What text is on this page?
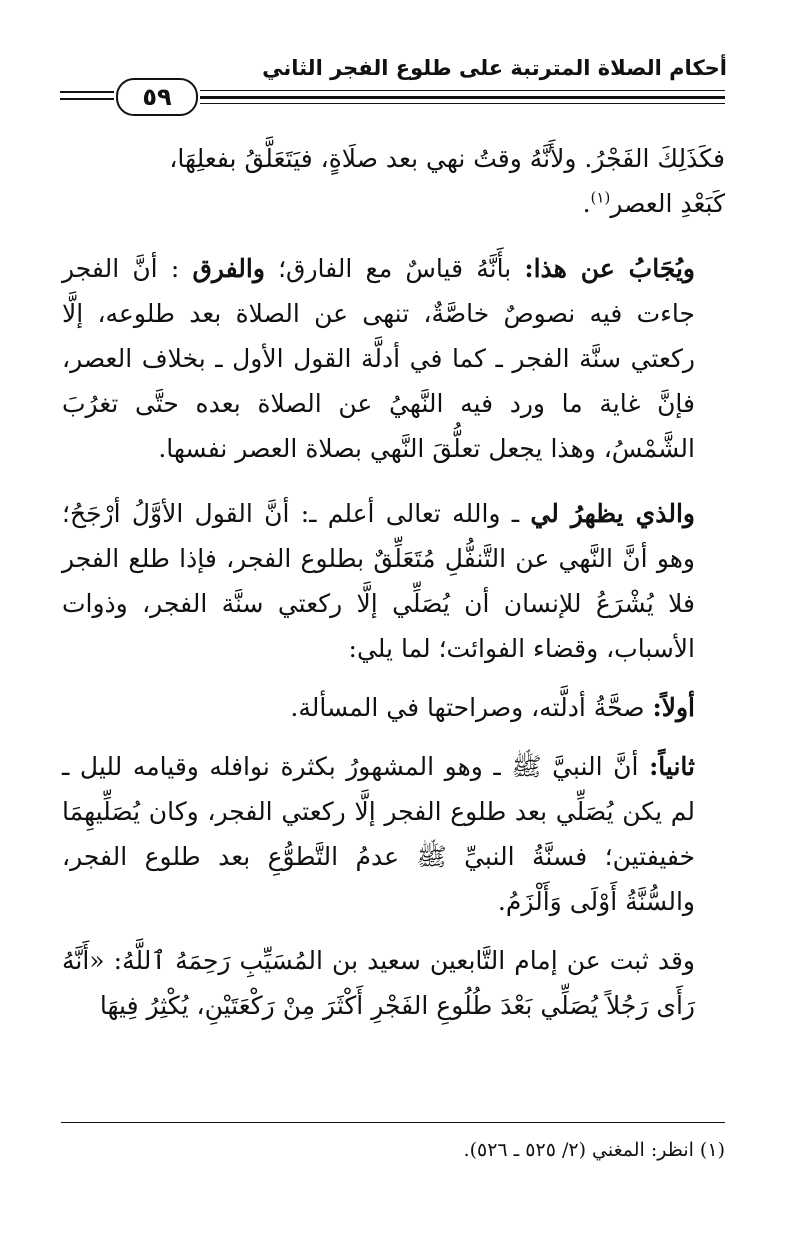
أحكام الصلاة المترتبة على طلوع الفجر الثاني
٥٩

فكَذَلِكَ الفَجْرُ. ولأَنَّهُ وقتُ نهي بعد صلَاةٍ، فيَتَعَلَّقُ بفعلِهَا،
كَبَعْدِ العصر$^{(١)}$.

ويُجَابُ عن هذا: بأَنَّهُ قياسٌ مع الفارق؛ والفرق : أنَّ الفجر جاءت فيه نصوصٌ خاصَّةٌ، تنهى عن الصلاة بعد طلوعه، إلَّا ركعتي سنَّة الفجر ـ كما في أدلَّة القول الأول ـ بخلاف العصر، فإنَّ غاية ما ورد فيه النَّهيُ عن الصلاة بعده حتَّى تغرُبَ الشَّمْسُ، وهذا يجعل تعلُّقَ النَّهي بصلاة العصر نفسها.

والذي يظهرُ لي ـ والله تعالى أعلم ـ: أنَّ القول الأوَّلُ أرْجَحُ؛ وهو أنَّ النَّهي عن التَّنفُّلِ مُتَعَلِّقٌ بطلوع الفجر، فإذا طلع الفجر فلا يُشْرَعُ للإنسان أن يُصَلِّي إلَّا ركعتي سنَّة الفجر، وذوات الأسباب، وقضاء الفوائت؛ لما يلي:

أولاً: صحَّةُ أدلَّته، وصراحتها في المسألة.

ثانياً: أنَّ النبيَّ ﷺ ـ وهو المشهورُ بكثرة نوافله وقيامه لليل ـ لم يكن يُصَلِّي بعد طلوع الفجر إلَّا ركعتي الفجر، وكان يُصَلِّيهِمَا خفيفتين؛ فسنَّةُ النبيِّ ﷺ عدمُ التَّطوُّعِ بعد طلوع الفجر، والسُّنَّةُ أَوْلَى وَأَلْزَمُ.

وقد ثبت عن إمام التَّابعين سعيد بن المُسَيِّبِ رَحِمَهُ ٱللَّهُ: «أَنَّهُ رَأَى رَجُلاً يُصَلِّي بَعْدَ طُلُوعِ الفَجْرِ أَكْثَرَ مِنْ رَكْعَتَيْنِ، يُكْثِرُ فِيهَا

(١) انظر: المغني (٢/ ٥٢٥ ـ ٥٢٦).
